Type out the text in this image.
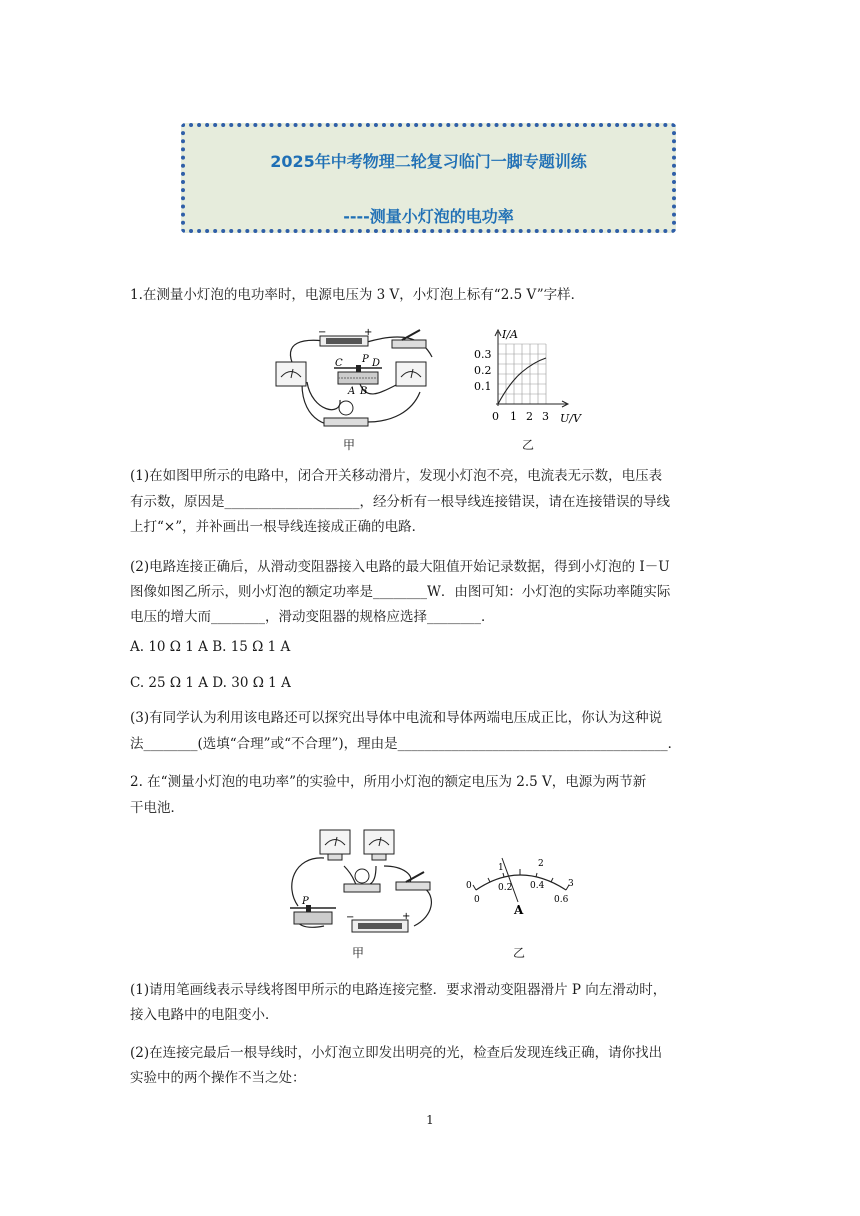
2025年中考物理二轮复习临门一脚专题训练
----测量小灯泡的电功率
1.在测量小灯泡的电功率时，电源电压为 3 V，小灯泡上标有“2.5 V”字样．
C P D
A B
−	+
甲
I/A
U/V
0.3
0.2
0.1
0 1 2 3
乙
(1)在如图甲所示的电路中，闭合开关移动滑片，发现小灯泡不亮，电流表无示数，电压表
有示数，原因是____________________，经分析有一根导线连接错误，请在连接错误的导线
上打“×”，并补画出一根导线连接成正确的电路．
(2)电路连接正确后，从滑动变阻器接入电路的最大阻值开始记录数据，得到小灯泡的 I－U
图像如图乙所示，则小灯泡的额定功率是________W．由图可知：小灯泡的实际功率随实际
电压的增大而________，滑动变阻器的规格应选择________．
A. 10 Ω 1 A B. 15 Ω 1 A
C. 25 Ω 1 A D. 30 Ω 1 A
(3)有同学认为利用该电路还可以探究出导体中电流和导体两端电压成正比，你认为这种说
法________(选填“合理”或“不合理”)，理由是________________________________________．
2. 在“测量小灯泡的电功率”的实验中，所用小灯泡的额定电压为 2.5 V，电源为两节新
干电池．
P
−	+
甲
0
1	2
3
0
0.2 0.4
0.6
A
乙
(1)请用笔画线表示导线将图甲所示的电路连接完整．要求滑动变阻器滑片 P 向左滑动时，
接入电路中的电阻变小．
(2)在连接完最后一根导线时，小灯泡立即发出明亮的光，检查后发现连线正确，请你找出
实验中的两个操作不当之处：
1
